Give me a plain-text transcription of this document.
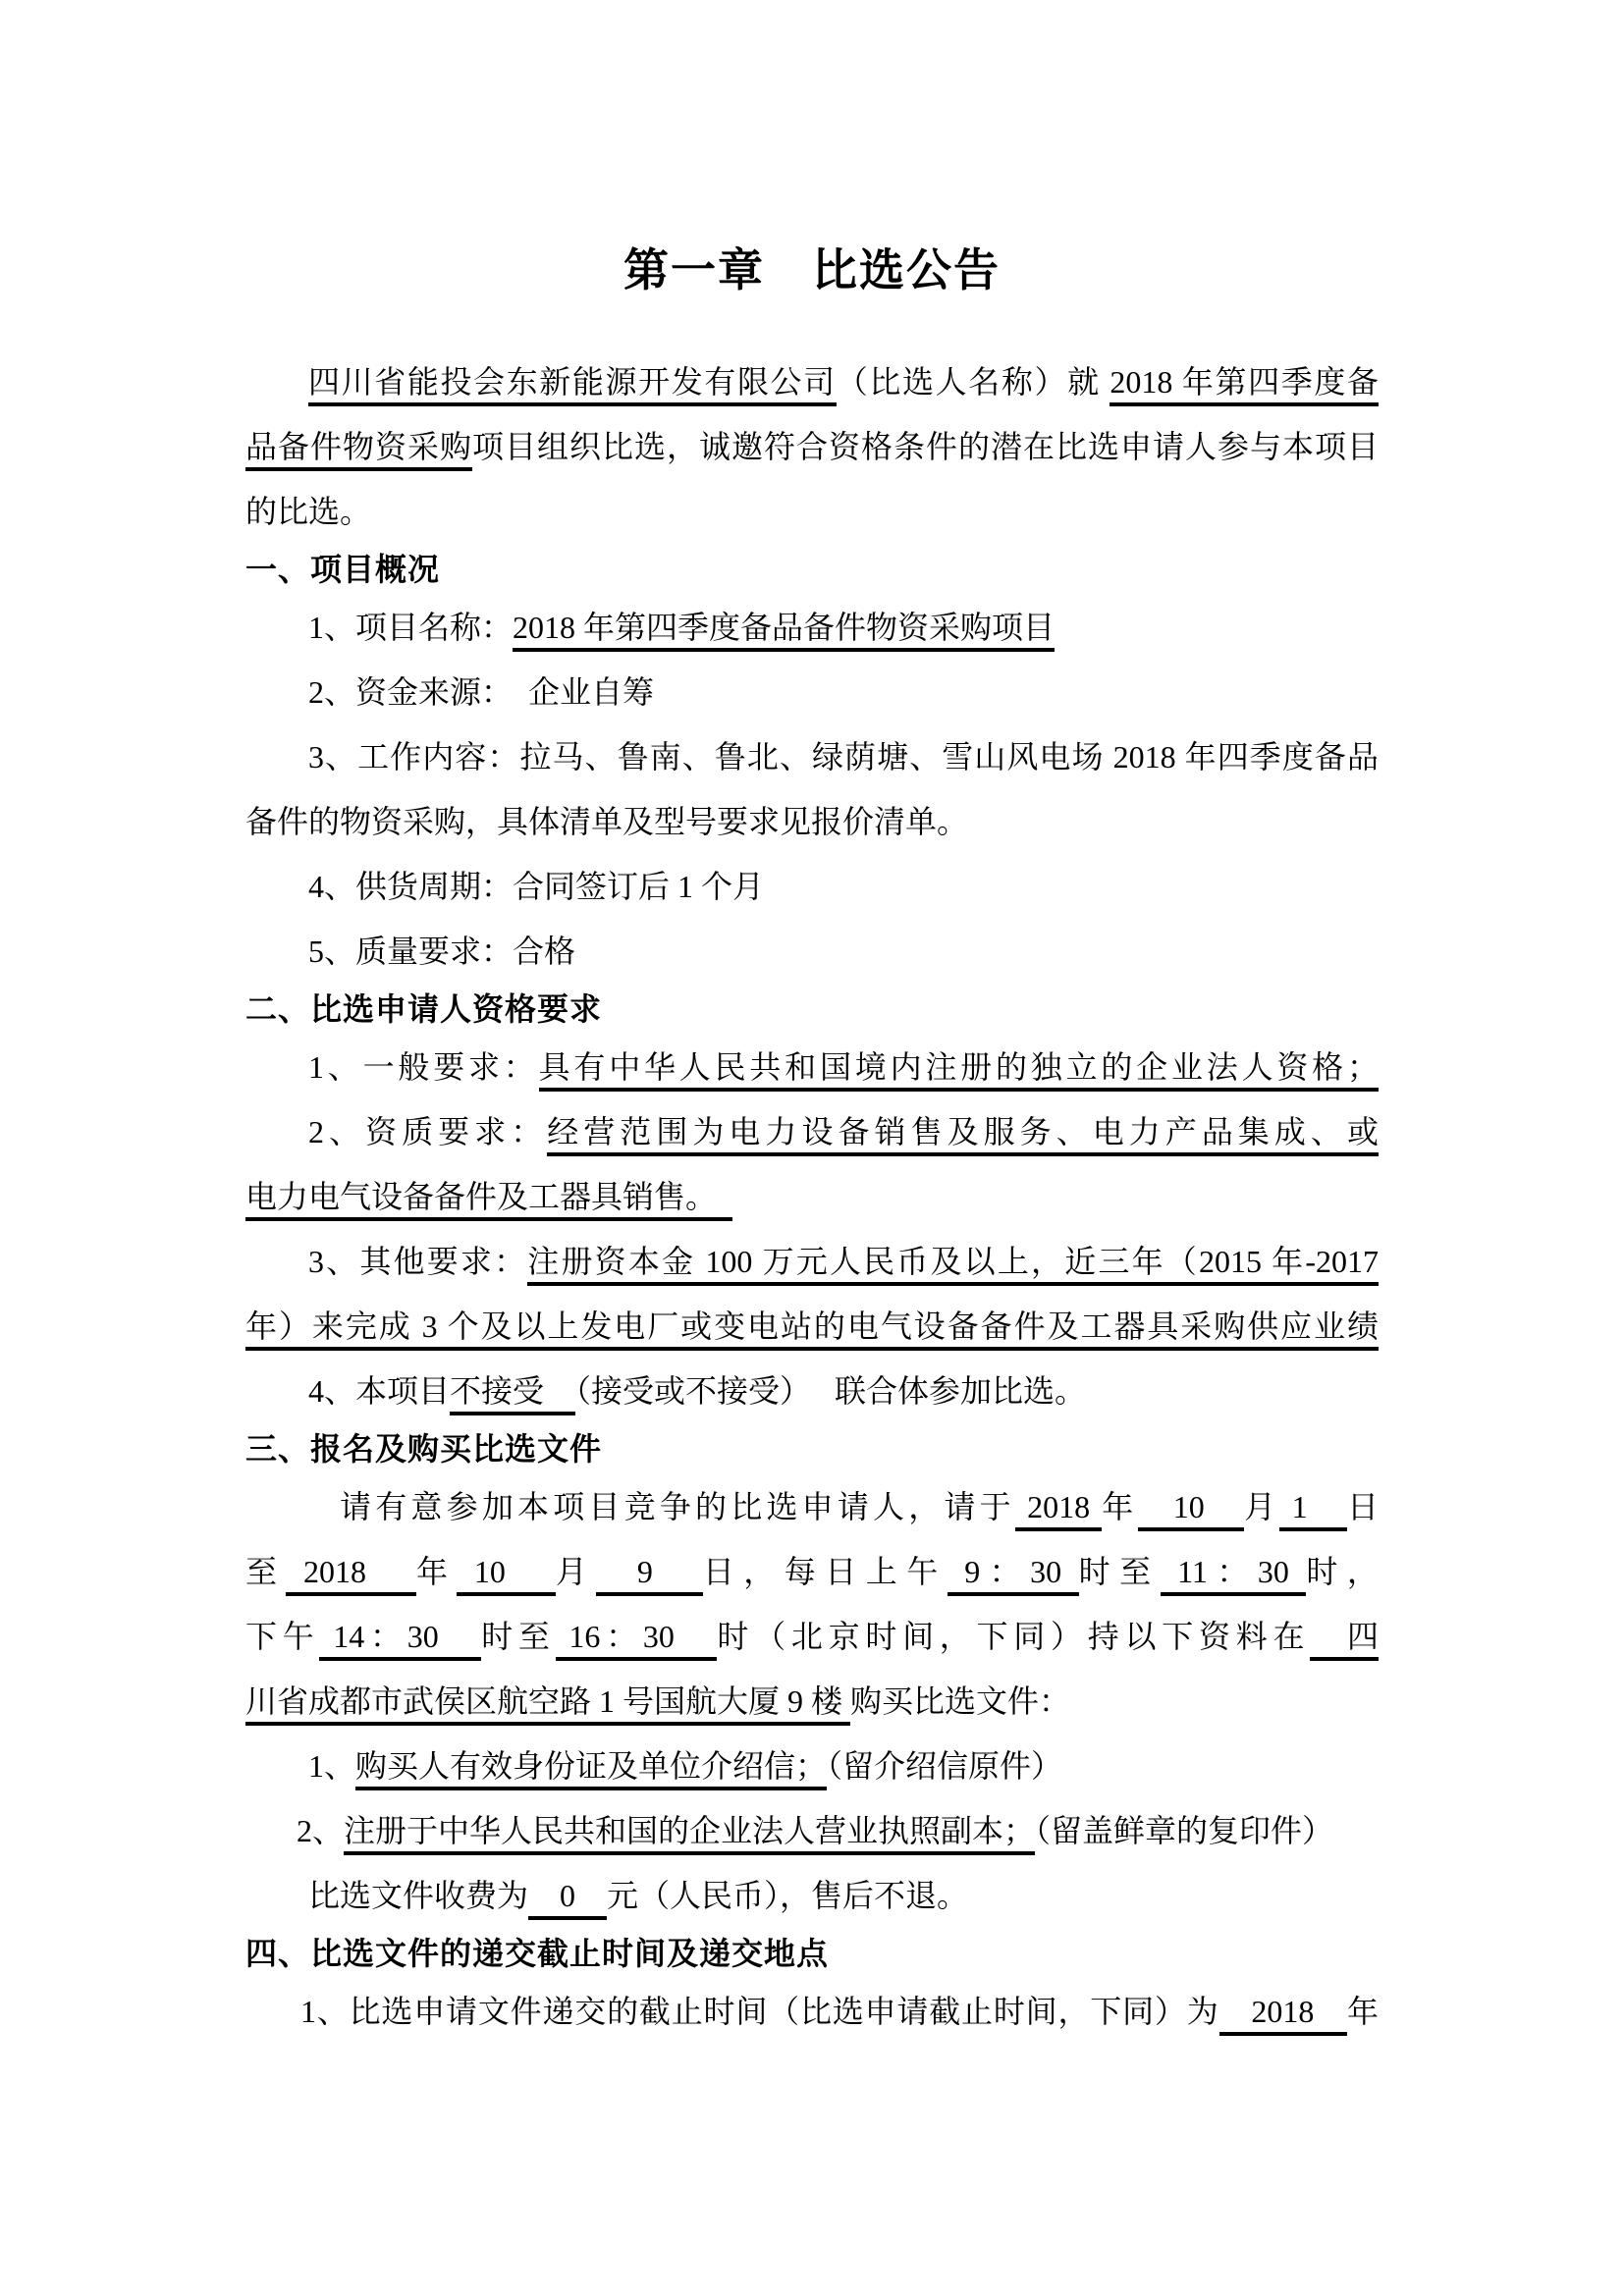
第一章　比选公告
四川省能投会东新能源开发有限公司（比选人名称）就 2018 年第四季度备
品备件物资采购项目组织比选，诚邀符合资格条件的潜在比选申请人参与本项目
的比选。
一、项目概况
1、项目名称：2018 年第四季度备品备件物资采购项目
2、资金来源：　企业自筹
3、工作内容：拉马、鲁南、鲁北、绿荫塘、雪山风电场 2018 年四季度备品
备件的物资采购，具体清单及型号要求见报价清单。
4、供货周期：合同签订后 1 个月
5、质量要求：合格
二、比选申请人资格要求
1、一般要求：具有中华人民共和国境内注册的独立的企业法人资格；
2、资质要求：经营范围为电力设备销售及服务、电力产品集成、或
电力电气设备备件及工器具销售。　
3、其他要求：注册资本金 100 万元人民币及以上，近三年（2015 年-2017
年）来完成 3 个及以上发电厂或变电站的电气设备备件及工器具采购供应业绩
4、本项目不接受　（接受或不接受）　 联合体参加比选。
三、报名及购买比选文件
请有意参加本项目竞争的比选申请人，请于 2018 年　10　月 1　日
至 2018　年 10　月　9　日，每日上午 9：30 时至 11：30 时，
下午 14：30　时至 16：30　时（北京时间，下同）持以下资料在　四
川省成都市武侯区航空路 1 号国航大厦 9 楼 购买比选文件：
1、购买人有效身份证及单位介绍信；（留介绍信原件）
2、注册于中华人民共和国的企业法人营业执照副本；（留盖鲜章的复印件）
比选文件收费为　0　元（人民币），售后不退。
四、比选文件的递交截止时间及递交地点
1、比选申请文件递交的截止时间（比选申请截止时间，下同）为　2018　年
